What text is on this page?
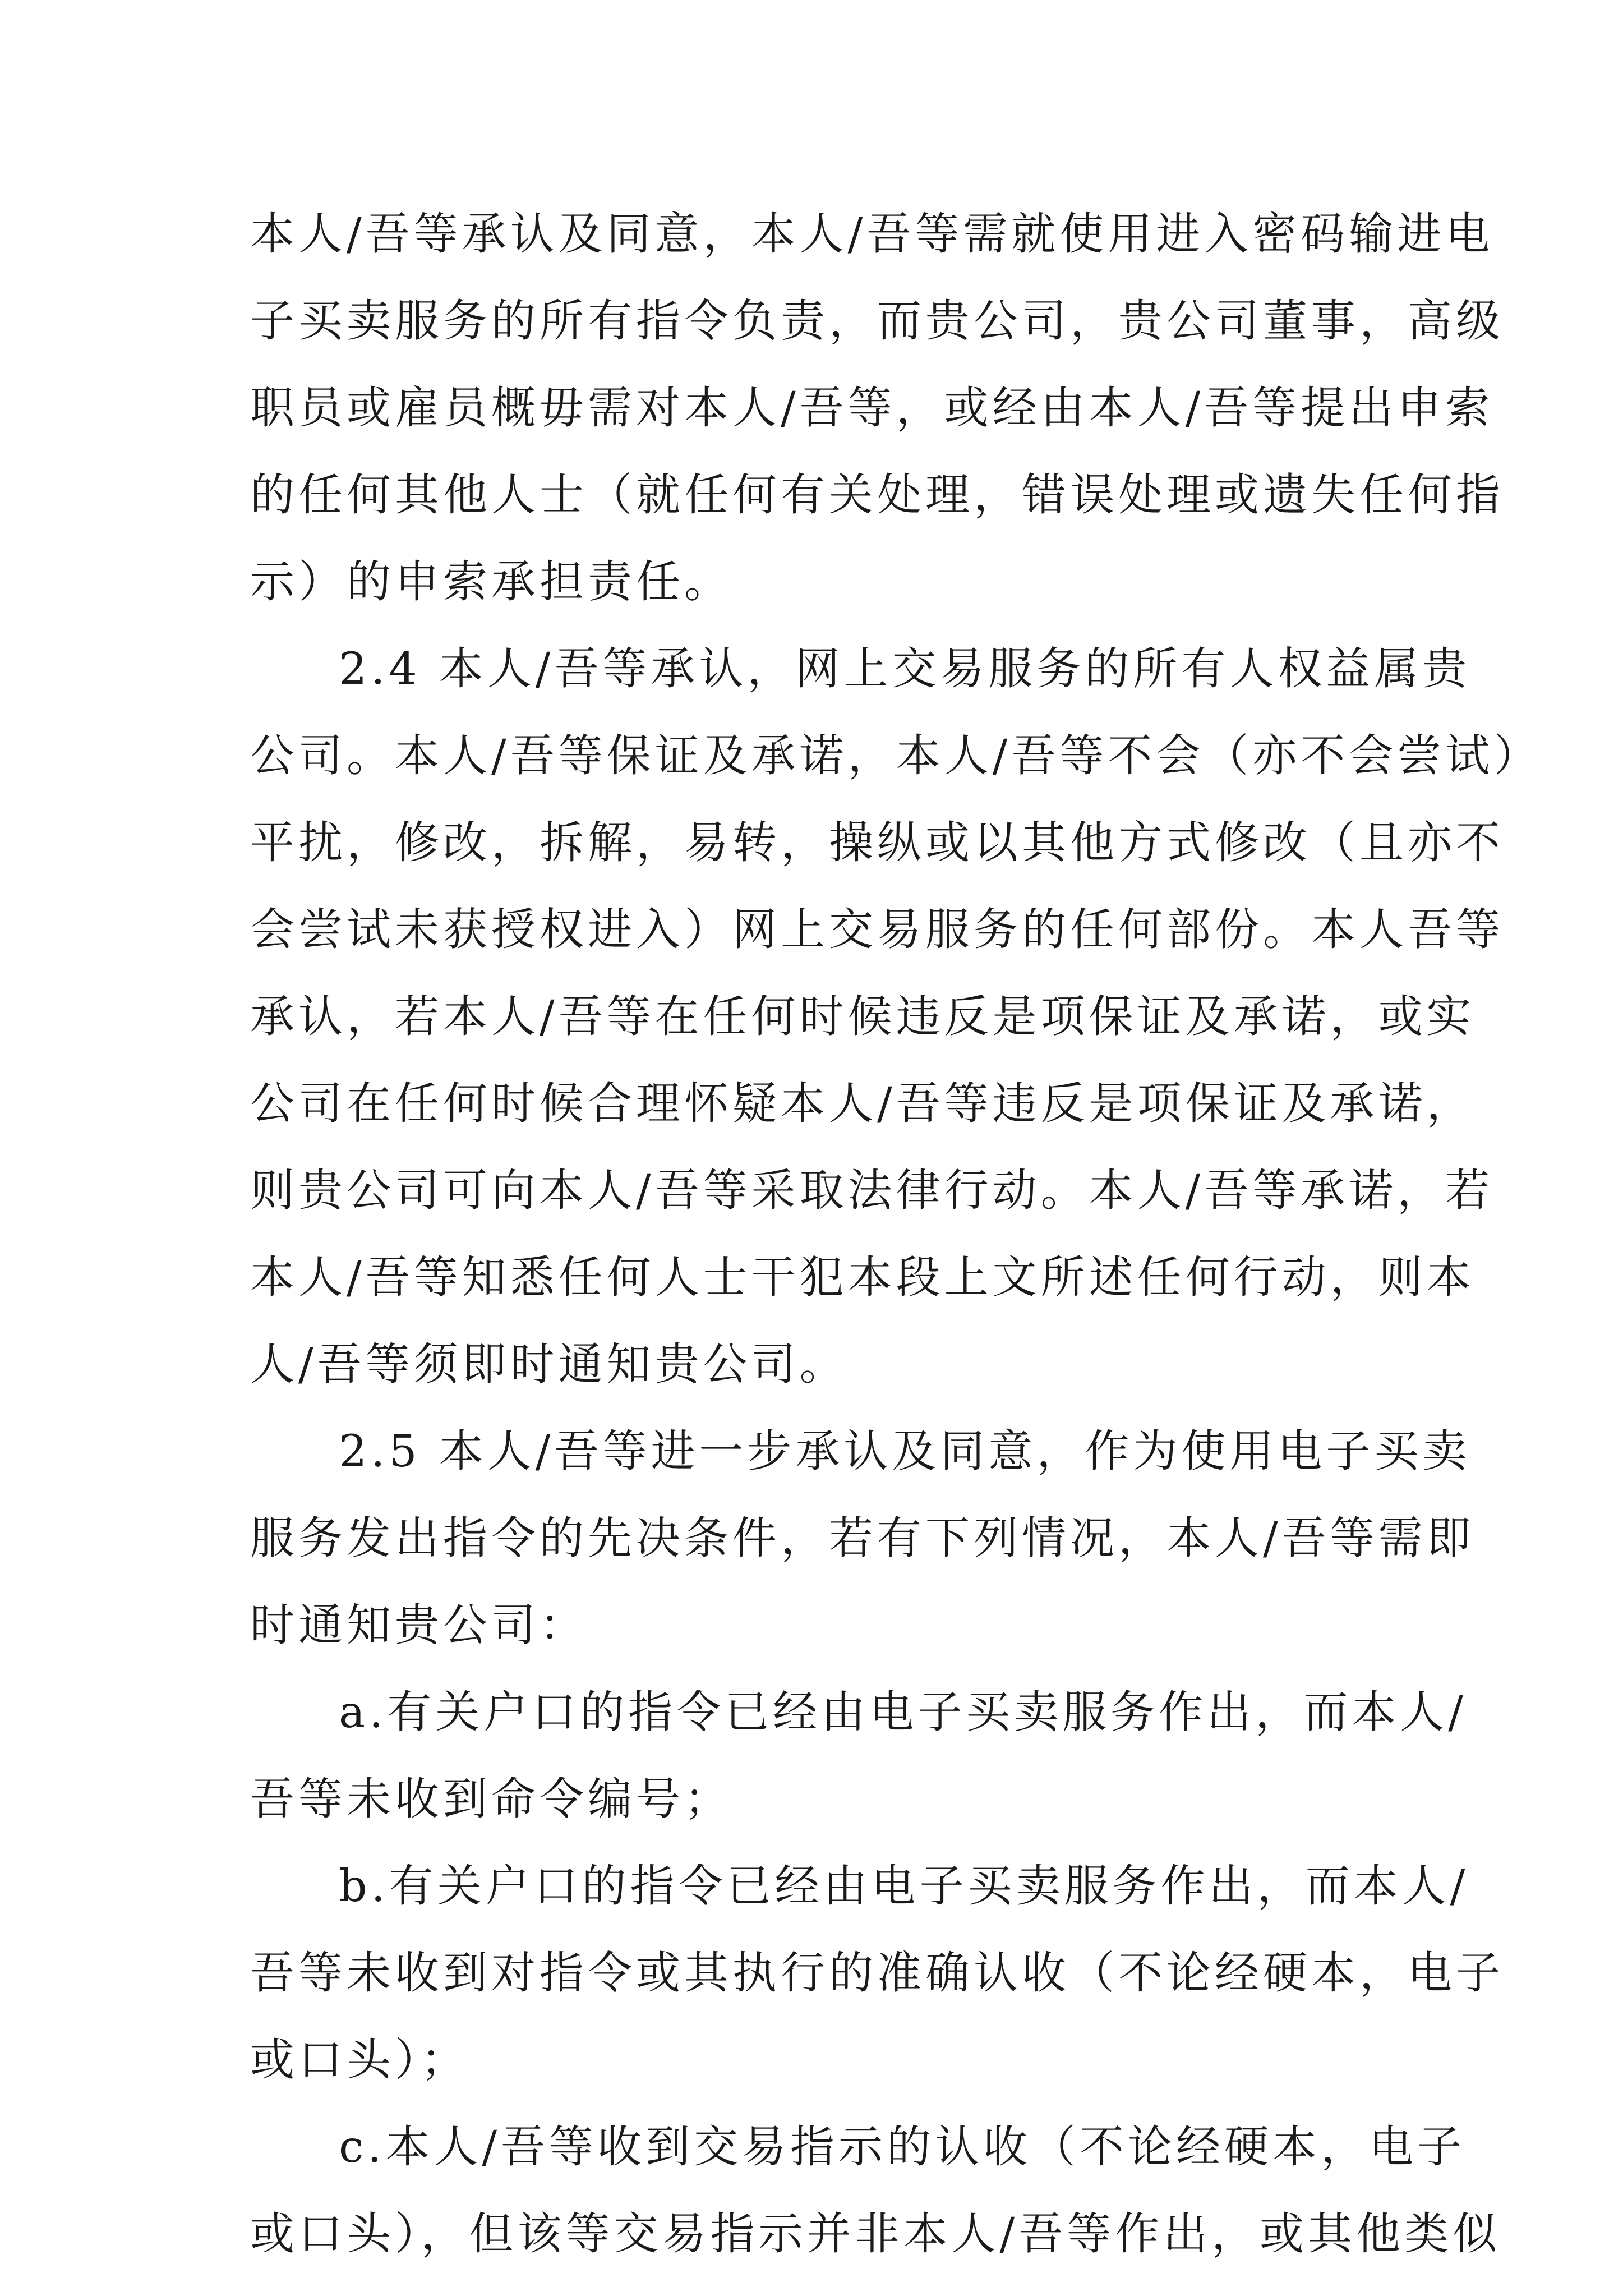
本人/吾等承认及同意，本人/吾等需就使用进入密码输进电
子买卖服务的所有指令负责，而贵公司，贵公司董事，高级
职员或雇员概毋需对本人/吾等，或经由本人/吾等提出申索
的任何其他人士（就任何有关处理，错误处理或遗失任何指
示）的申索承担责任。
2.4 本人/吾等承认，网上交易服务的所有人权益属贵
公司。本人/吾等保证及承诺，本人/吾等不会（亦不会尝试）
平扰，修改，拆解，易转，操纵或以其他方式修改（且亦不
会尝试未获授权进入）网上交易服务的任何部份。本人吾等
承认，若本人/吾等在任何时候违反是项保证及承诺，或实
公司在任何时候合理怀疑本人/吾等违反是项保证及承诺，
则贵公司可向本人/吾等采取法律行动。本人/吾等承诺，若
本人/吾等知悉任何人士干犯本段上文所述任何行动，则本
人/吾等须即时通知贵公司。
2.5 本人/吾等进一步承认及同意，作为使用电子买卖
服务发出指令的先决条件，若有下列情况，本人/吾等需即
时通知贵公司：
a.有关户口的指令已经由电子买卖服务作出，而本人/
吾等未收到命令编号；
b.有关户口的指令已经由电子买卖服务作出，而本人/
吾等未收到对指令或其执行的准确认收（不论经硬本，电子
或口头）；
c.本人/吾等收到交易指示的认收（不论经硬本，电子
或口头），但该等交易指示并非本人/吾等作出，或其他类似
